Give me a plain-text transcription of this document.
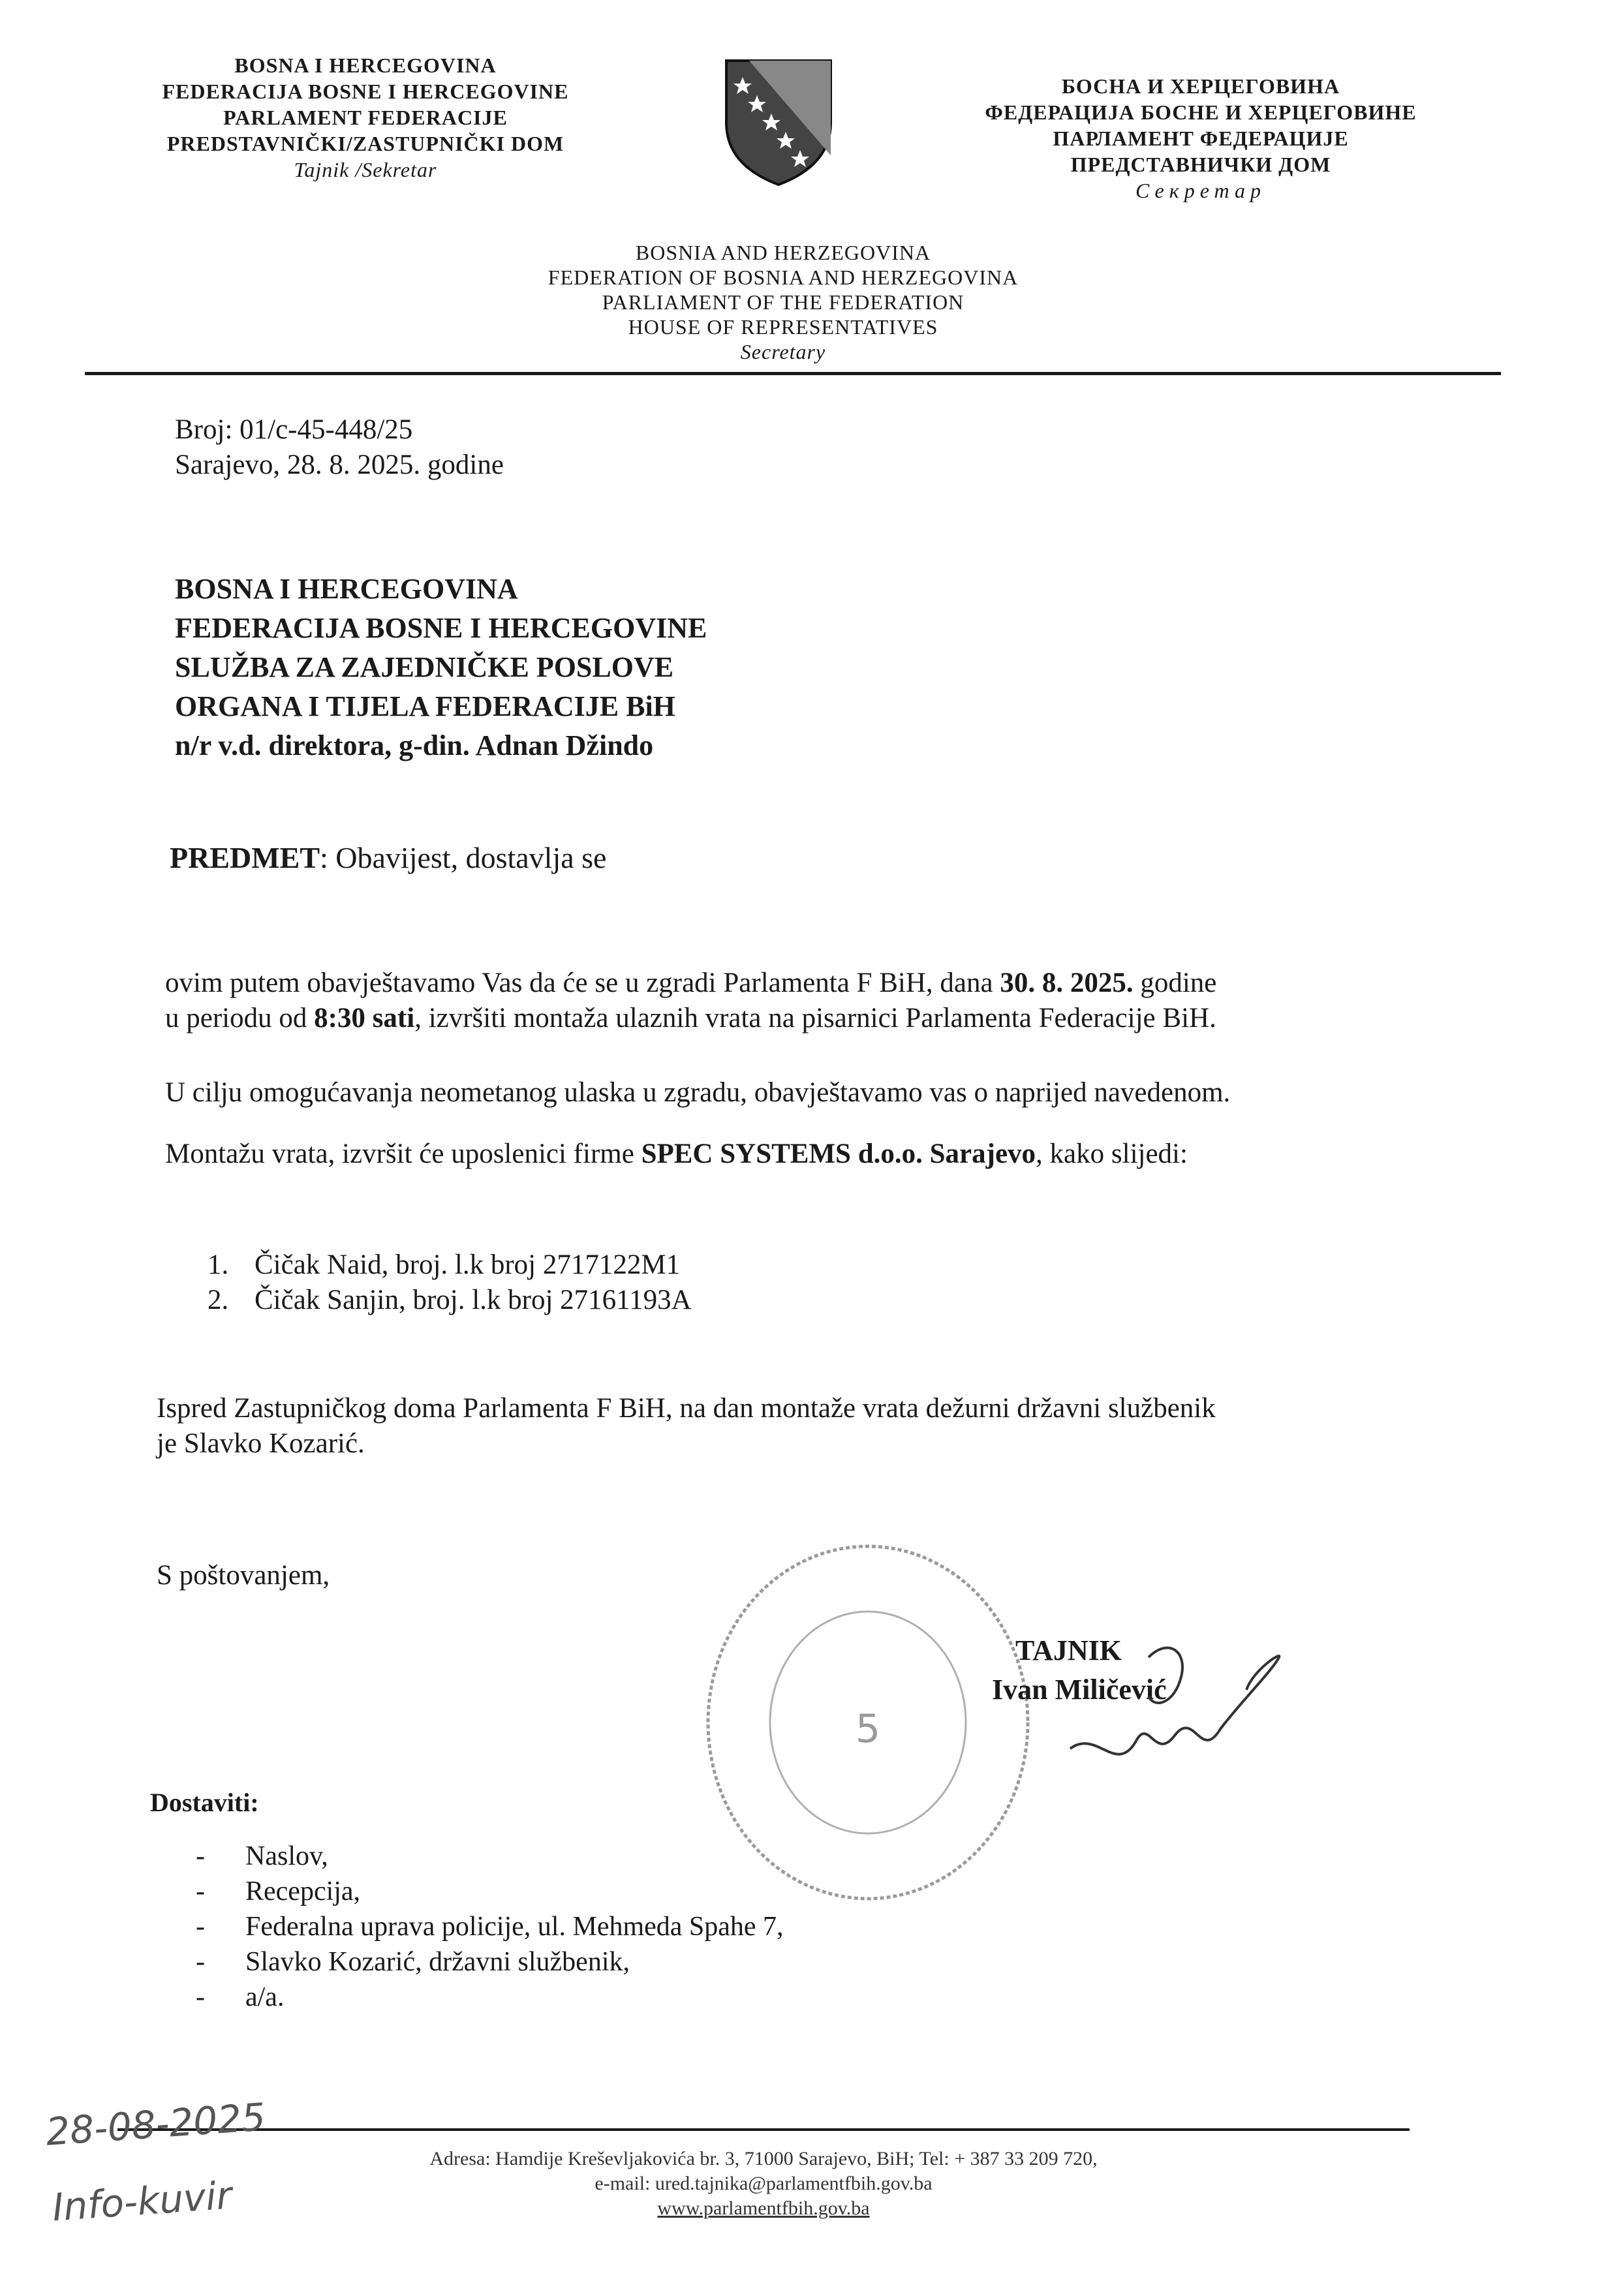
BOSNA I HERCEGOVINA
FEDERACIJA BOSNE I HERCEGOVINE
PARLAMENT FEDERACIJE
PREDSTAVNIČKI/ZASTUPNIČKI DOM
Tajnik /Sekretar
БОСНА И ХЕРЦЕГОВИНА
ФЕДЕРАЦИЈА БОСНЕ И ХЕРЦЕГОВИНЕ
ПАРЛАМЕНТ ФЕДЕРАЦИЈЕ
ПРЕДСТАВНИЧКИ ДОМ
Секретар
BOSNIA AND HERZEGOVINA
FEDERATION OF BOSNIA AND HERZEGOVINA
PARLIAMENT OF THE FEDERATION
HOUSE OF REPRESENTATIVES
Secretary
Broj: 01/c-45-448/25
Sarajevo, 28. 8. 2025. godine
BOSNA I HERCEGOVINA
FEDERACIJA BOSNE I HERCEGOVINE
SLUŽBA ZA ZAJEDNIČKE POSLOVE
ORGANA I TIJELA FEDERACIJE BiH
n/r v.d. direktora, g-din. Adnan Džindo
PREDMET: Obavijest, dostavlja se
ovim putem obavještavamo Vas da će se u zgradi Parlamenta F BiH, dana 30. 8. 2025. godine
u periodu od 8:30 sati, izvršiti montaža ulaznih vrata na pisarnici Parlamenta Federacije BiH.
U cilju omogućavanja neometanog ulaska u zgradu, obavještavamo vas o naprijed navedenom.
Montažu vrata, izvršit će uposlenici firme SPEC SYSTEMS d.o.o. Sarajevo, kako slijedi:
1. Čičak Naid, broj. l.k broj 2717122M1
2. Čičak Sanjin, broj. l.k broj 27161193A
Ispred Zastupničkog doma Parlamenta F BiH, na dan montaže vrata dežurni državni službenik
je Slavko Kozarić.
S poštovanjem,
5
TAJNIK
Ivan Miličević
Dostaviti:
- Naslov,
- Recepcija,
- Federalna uprava policije, ul. Mehmeda Spahe 7,
- Slavko Kozarić, državni službenik,
- a/a.
Adresa: Hamdije Kreševljakovića br. 3, 71000 Sarajevo, BiH; Tel: + 387 33 209 720,
e-mail: ured.tajnika@parlamentfbih.gov.ba
www.parlamentfbih.gov.ba
28-08-2025
Info-kuvir
